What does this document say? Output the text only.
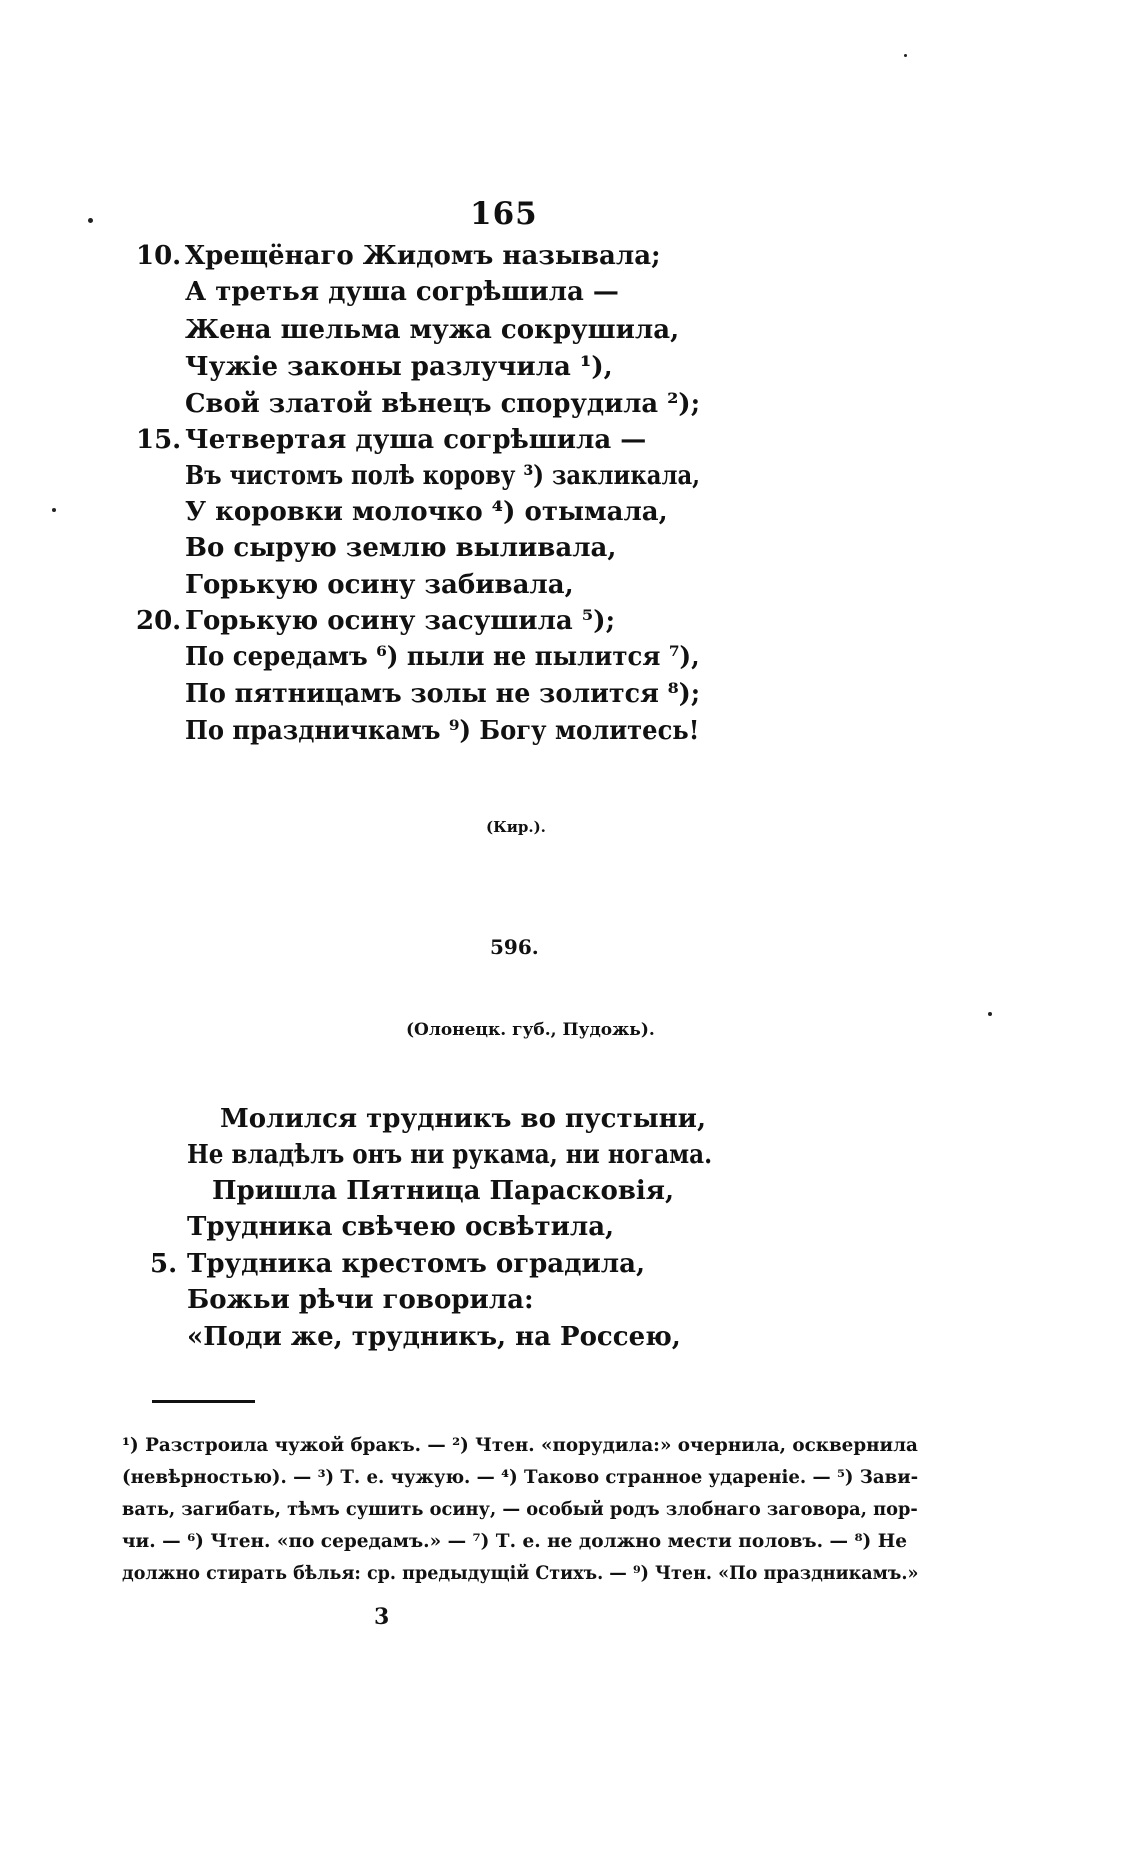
165
10. Хрещёнаго Жидомъ называла;
А третья душа согрѣшила —
Жена шельма мужа сокрушила,
Чужіе законы разлучила ¹),
Свой златой вѣнецъ спорудила ²);
15. Четвертая душа согрѣшила —
Въ чистомъ полѣ корову ³) закликала,
У коровки молочко ⁴) отымала,
Во сырую землю выливала,
Горькую осину забивала,
20. Горькую осину засушила ⁵);
По середамъ ⁶) пыли не пылится ⁷),
По пятницамъ золы не золится ⁸);
По праздничкамъ ⁹) Богу молитесь!
(Кир.).
596.
(Олонецк. губ., Пудожь).
Молился трудникъ во пустыни,
Не владѣлъ онъ ни рукама, ни ногама.
Пришла Пятница Парасковія,
Трудника свѣчею освѣтила,
5. Трудника крестомъ оградила,
Божьи рѣчи говорила:
«Поди же, трудникъ, на Россею,
¹) Разстроила чужой бракъ. — ²) Чтен. «порудила:» очернила, осквернила
(невѣрностью). — ³) Т. е. чужую. — ⁴) Таково странное удареніе. — ⁵) Зави-
вать, загибать, тѣмъ сушить осину, — особый родъ злобнаго заговора, пор-
чи. — ⁶) Чтен. «по середамъ.» — ⁷) Т. е. не должно мести половъ. — ⁸) Не
должно стирать бѣлья: ср. предыдущій Стихъ. — ⁹) Чтен. «По праздникамъ.»
3
